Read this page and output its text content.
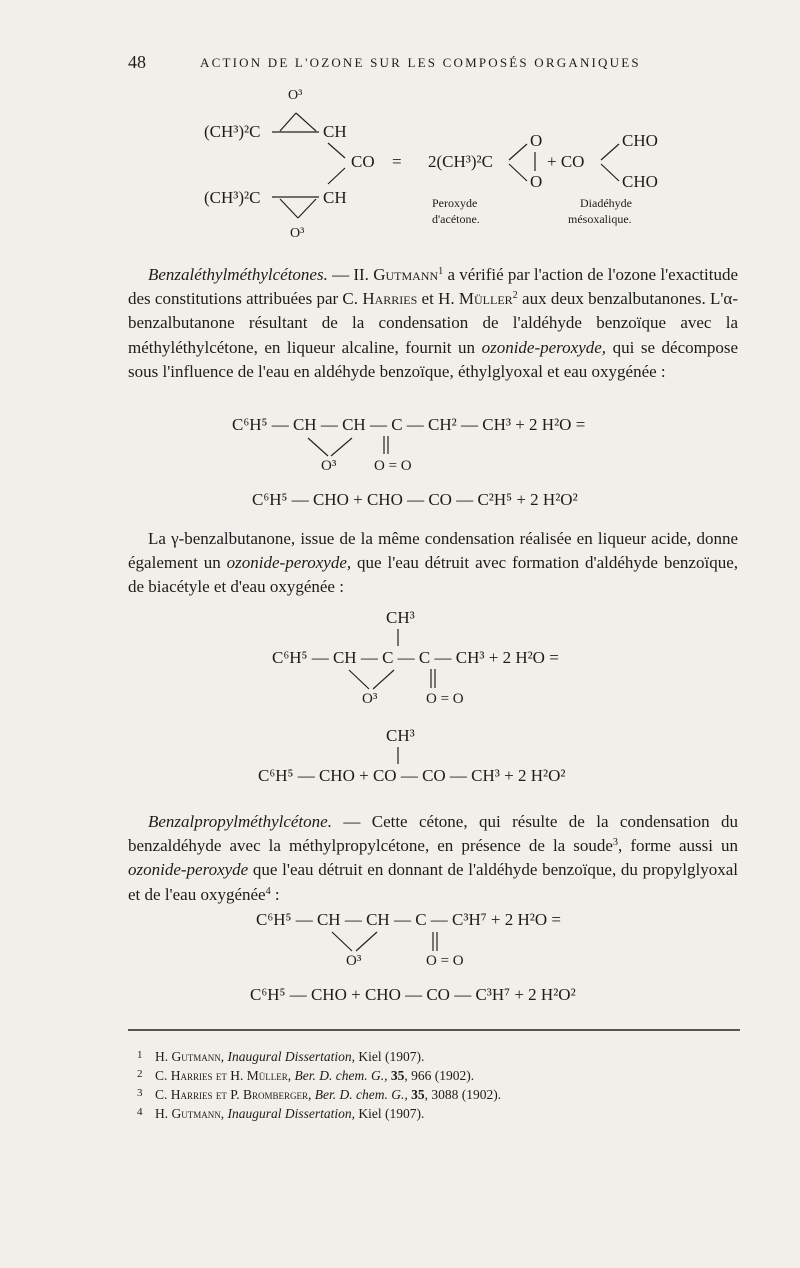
48	ACTION DE L'OZONE SUR LES COMPOSÉS ORGANIQUES
O³
(CH³)²C	CH
CO =
(CH³)²C	CH
O³
2(CH³)²C
O
O
+ CO
CHO
CHO
Peroxyde
d'acétone.
Diadéhyde
mésoxalique.
Benzaléthylméthylcétones. — II. Gutmann$^1$ a vérifié par l'action de l'ozone l'exactitude des constitutions attribuées par C. Harries et H. Müller$^2$ aux deux benzalbutanones. L'α-benzalbutanone résultant de la condensation de l'aldéhyde benzoïque avec la méthyléthylcétone, en liqueur alcaline, fournit un ozonide-peroxyde, qui se décompose sous l'influence de l'eau en aldéhyde benzoïque, éthylglyoxal et eau oxygénée :
C⁶H⁵ — CH — CH — C — CH² — CH³ + 2 H²O =
O³	O = O
C⁶H⁵ — CHO + CHO — CO — C²H⁵ + 2 H²O²
La γ-benzalbutanone, issue de la même condensation réalisée en liqueur acide, donne également un ozonide-peroxyde, que l'eau détruit avec formation d'aldéhyde benzoïque, de biacétyle et d'eau oxygénée :
CH³
C⁶H⁵ — CH — C — C — CH³ + 2 H²O =
O³	O = O
CH³
C⁶H⁵ — CHO + CO — CO — CH³ + 2 H²O²
Benzalpropylméthylcétone. — Cette cétone, qui résulte de la condensation du benzaldéhyde avec la méthylpropylcétone, en présence de la soude$^3$, forme aussi un ozonide-peroxyde que l'eau détruit en donnant de l'aldéhyde benzoïque, du propylglyoxal et de l'eau oxygénée$^4$ :
C⁶H⁵ — CH — CH — C — C³H⁷ + 2 H²O =
O³	O = O
C⁶H⁵ — CHO + CHO — CO — C³H⁷ + 2 H²O²
1 H. Gutmann, Inaugural Dissertation, Kiel (1907).
2 C. Harries et H. Müller, Ber. D. chem. G., 35, 966 (1902).
3 C. Harries et P. Bromberger, Ber. D. chem. G., 35, 3088 (1902).
4 H. Gutmann, Inaugural Dissertation, Kiel (1907).
